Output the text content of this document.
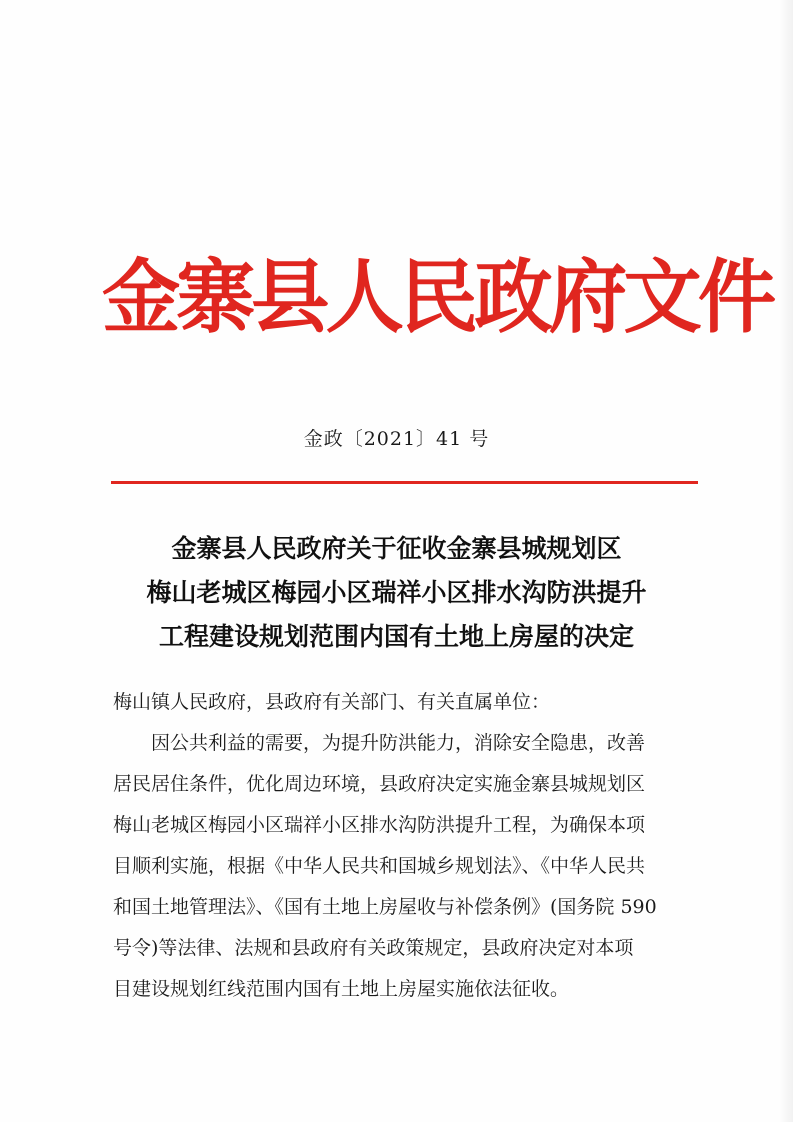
金寨县人民政府文件
金政〔2021〕41 号
金寨县人民政府关于征收金寨县城规划区
梅山老城区梅园小区瑞祥小区排水沟防洪提升
工程建设规划范围内国有土地上房屋的决定

梅山镇人民政府，县政府有关部门、有关直属单位：

因公共利益的需要，为提升防洪能力，消除安全隐患，改善
居民居住条件，优化周边环境，县政府决定实施金寨县城规划区
梅山老城区梅园小区瑞祥小区排水沟防洪提升工程，为确保本项
目顺利实施，根据《中华人民共和国城乡规划法》、《中华人民共
和国土地管理法》、《国有土地上房屋收与补偿条例》(国务院 590
号令)等法律、法规和县政府有关政策规定，县政府决定对本项
目建设规划红线范围内国有土地上房屋实施依法征收。
